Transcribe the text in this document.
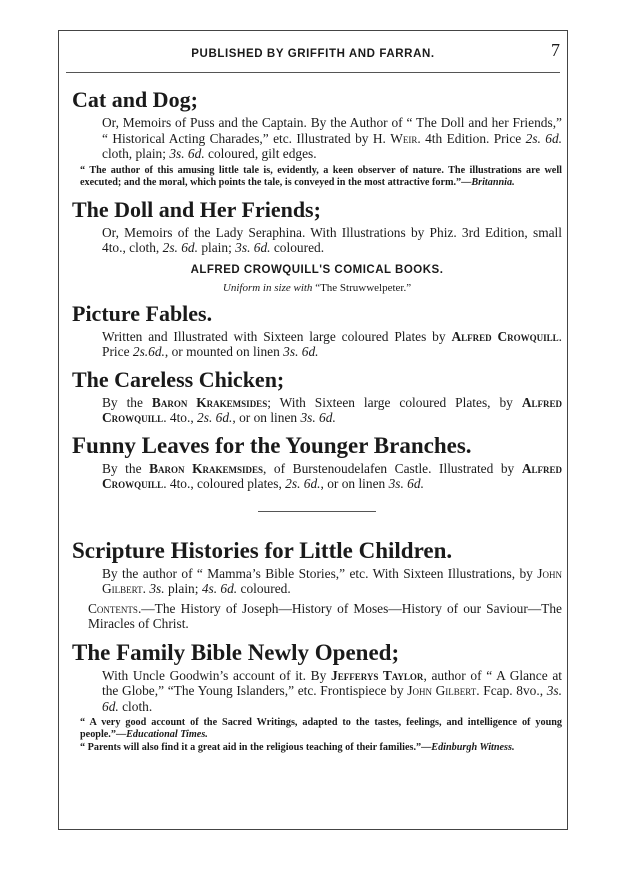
PUBLISHED BY GRIFFITH AND FARRAN.	7
Cat and Dog;

Or, Memoirs of Puss and the Captain. By the Author of “ The Doll and her Friends,” “ Historical Acting Charades,” etc. Illustrated by H. Weir. 4th Edition. Price 2s. 6d. cloth, plain; 3s. 6d. coloured, gilt edges.

“ The author of this amusing little tale is, evidently, a keen observer of nature. The illustrations are well executed; and the moral, which points the tale, is conveyed in the most attractive form.”—Britannia.

The Doll and Her Friends;

Or, Memoirs of the Lady Seraphina. With Illustrations by Phiz. 3rd Edition, small 4to., cloth, 2s. 6d. plain; 3s. 6d. coloured.

ALFRED CROWQUILL'S COMICAL BOOKS.
Uniform in size with “The Struwwelpeter.”
Picture Fables.

Written and Illustrated with Sixteen large coloured Plates by Alfred Crowquill. Price 2s.6d., or mounted on linen 3s. 6d.

The Careless Chicken;

By the Baron Krakemsides; With Sixteen large coloured Plates, by Alfred Crowquill. 4to., 2s. 6d., or on linen 3s. 6d.

Funny Leaves for the Younger Branches.

By the Baron Krakemsides, of Burstenoudelafen Castle. Illustrated by Alfred Crowquill. 4to., coloured plates, 2s. 6d., or on linen 3s. 6d.

Scripture Histories for Little Children.

By the author of “ Mamma’s Bible Stories,” etc. With Sixteen Illustrations, by John Gilbert. 3s. plain; 4s. 6d. coloured.

Contents.—The History of Joseph—History of Moses—History of our Saviour—The Miracles of Christ.

The Family Bible Newly Opened;

With Uncle Goodwin’s account of it. By Jefferys Taylor, author of “ A Glance at the Globe,” “The Young Islanders,” etc. Frontispiece by John Gilbert. Fcap. 8vo., 3s. 6d. cloth.

“ A very good account of the Sacred Writings, adapted to the tastes, feelings, and intelligence of young people.”—Educational Times.

“ Parents will also find it a great aid in the religious teaching of their families.”—Edinburgh Witness.
